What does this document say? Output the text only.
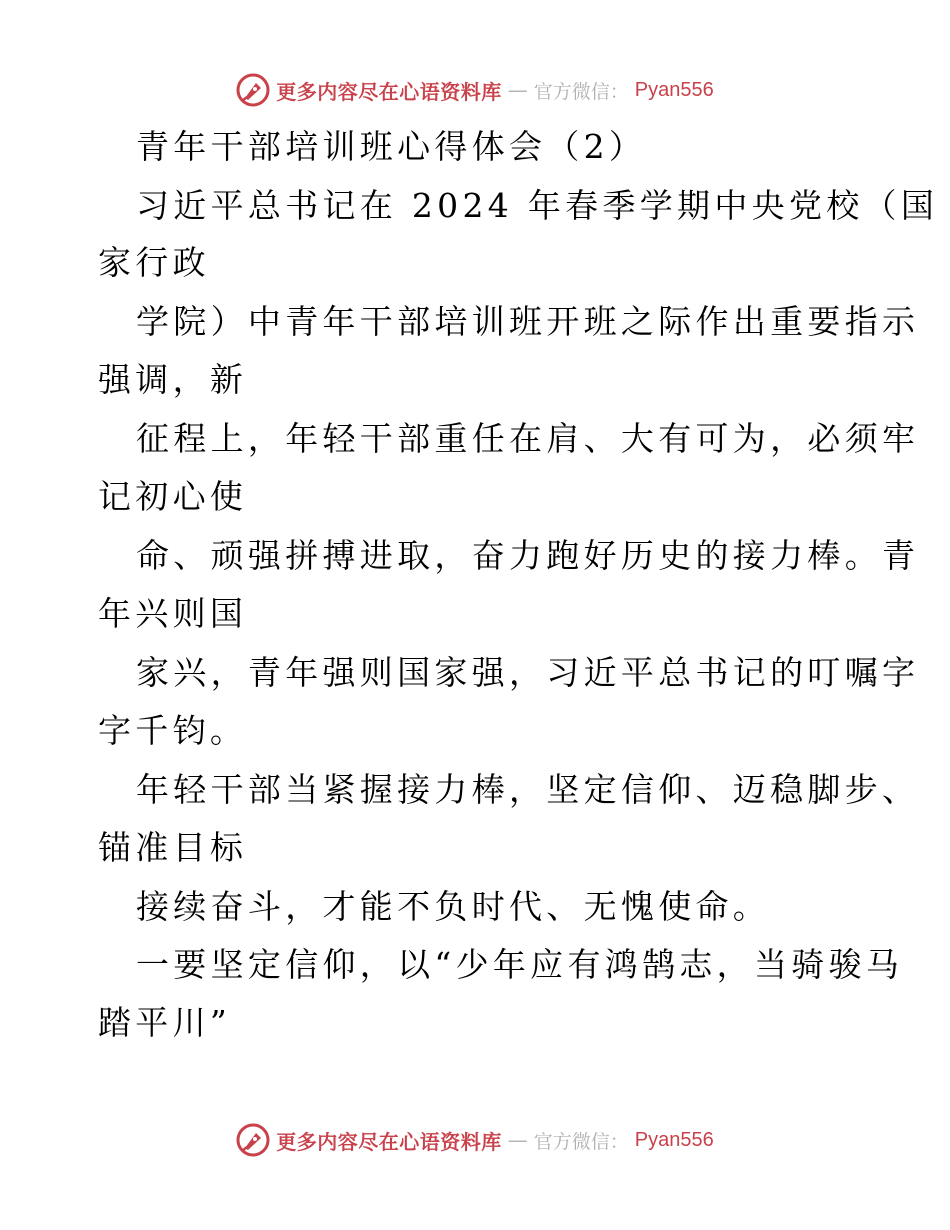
更多内容尽在心语资料库 — 官方微信： Pyan556
青年干部培训班心得体会（2）
习近平总书记在 2024 年春季学期中央党校（国
家行政
学院）中青年干部培训班开班之际作出重要指示
强调，新
征程上，年轻干部重任在肩、大有可为，必须牢
记初心使
命、顽强拼搏进取，奋力跑好历史的接力棒。青
年兴则国
家兴，青年强则国家强，习近平总书记的叮嘱字
字千钧。
年轻干部当紧握接力棒，坚定信仰、迈稳脚步、
锚准目标
接续奋斗，才能不负时代、无愧使命。
一要坚定信仰，以“少年应有鸿鹄志，当骑骏马
踏平川”
更多内容尽在心语资料库 — 官方微信： Pyan556
